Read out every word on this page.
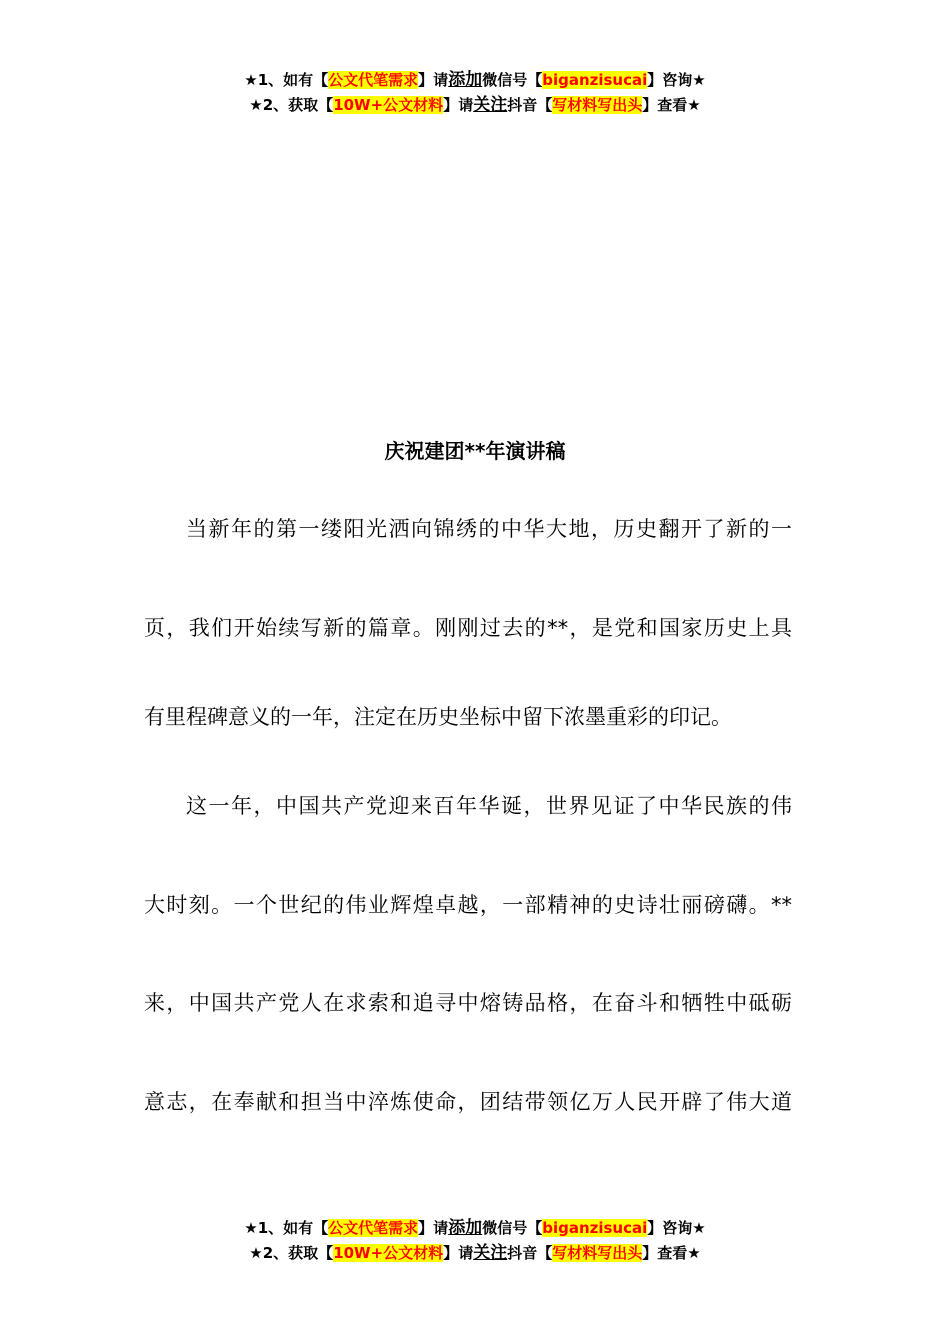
★1、如有【公文代笔需求】请添加微信号【biganzisucai】咨询★
★2、获取【10W+公文材料】请关注抖音【写材料写出头】查看★
庆祝建团**年演讲稿
当新年的第一缕阳光洒向锦绣的中华大地，历史翻开了新的一
页，我们开始续写新的篇章。刚刚过去的**，是党和国家历史上具
有里程碑意义的一年，注定在历史坐标中留下浓墨重彩的印记。
这一年，中国共产党迎来百年华诞，世界见证了中华民族的伟
大时刻。一个世纪的伟业辉煌卓越，一部精神的史诗壮丽磅礴。**
来，中国共产党人在求索和追寻中熔铸品格，在奋斗和牺牲中砥砺
意志，在奉献和担当中淬炼使命，团结带领亿万人民开辟了伟大道
★1、如有【公文代笔需求】请添加微信号【biganzisucai】咨询★
★2、获取【10W+公文材料】请关注抖音【写材料写出头】查看★
